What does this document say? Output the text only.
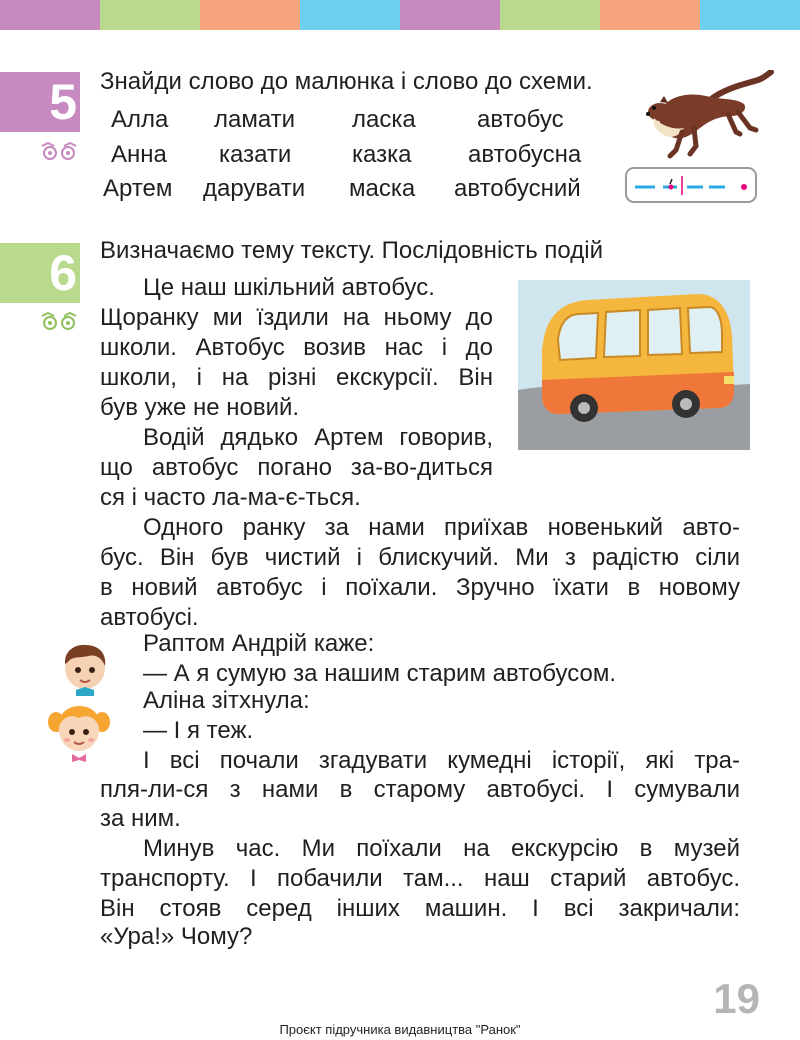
5 Знайди слово до малюнка і слово до схеми.
Алла ламати ласка	автобус
Анна казати	казка автобусна
Артем дарувати маска автобусний
6 Визначаємо тему тексту. Послідовність подій
Це наш шкільний автобус.
Щоранку ми їздили на ньому до
школи. Автобус возив нас і до
школи, і на різні екскурсії. Він
був уже не новий.
Водій дядько Артем говорив,
що автобус погано за-во-диться
ся і часто ла-ма-є-ться.
Одного ранку за нами приїхав новенький авто-
бус. Він був чистий і блискучий. Ми з радістю сіли
в новий автобус і поїхали. Зручно їхати в новому
автобусі.
Раптом Андрій каже:
— А я сумую за нашим старим автобусом.
Аліна зітхнула:
— І я теж.
І всі почали згадувати кумедні історії, які тра-
пля-ли-ся з нами в старому автобусі. І сумували
за ним.
Минув час. Ми поїхали на екскурсію в музей
транспорту. І побачили там... наш старий автобус.
Він стояв серед інших машин. І всі закричали:
«Ура!» Чому?
19
Проєкт підручника видавництва "Ранок"
